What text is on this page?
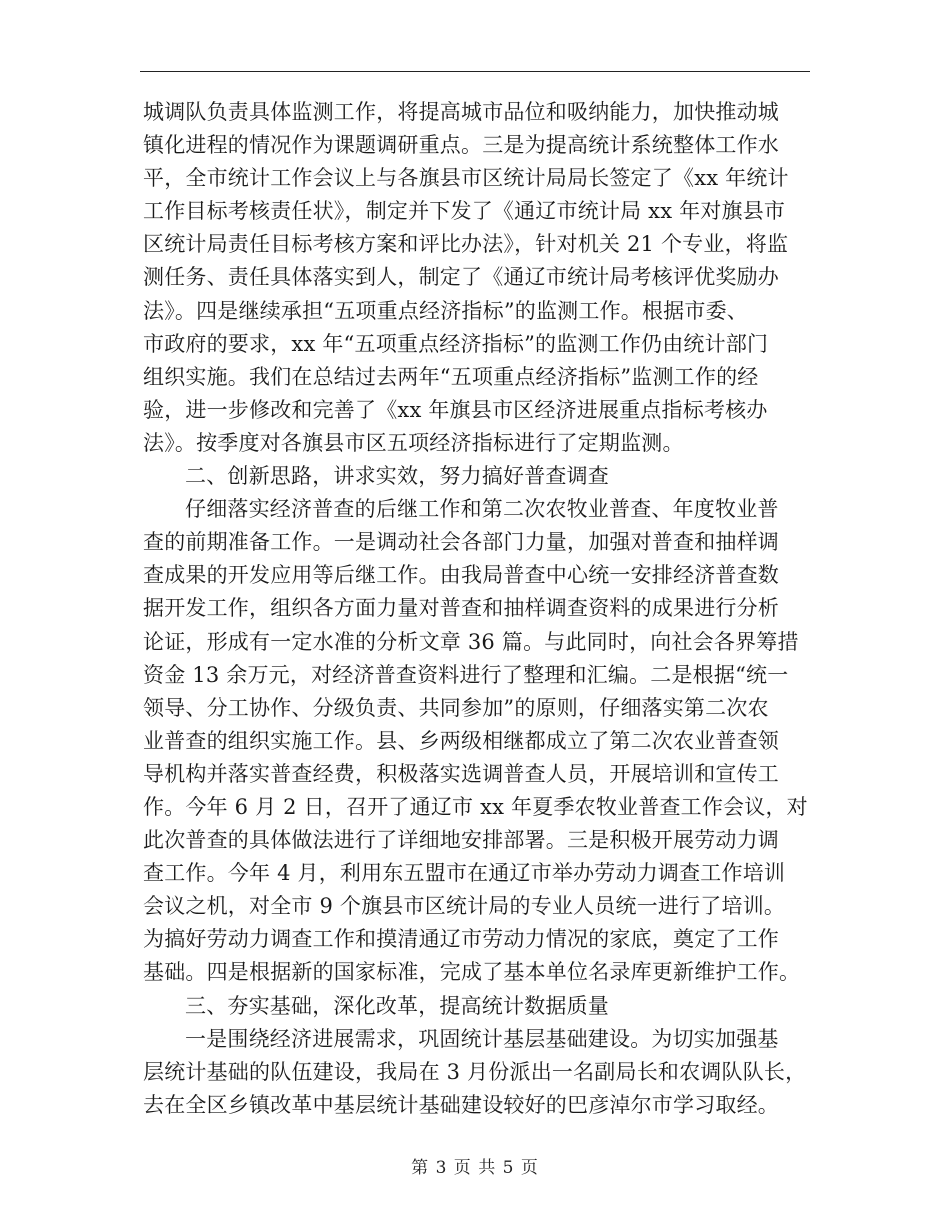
城调队负责具体监测工作，将提高城市品位和吸纳能力，加快推动城
镇化进程的情况作为课题调研重点。三是为提高统计系统整体工作水
平，全市统计工作会议上与各旗县市区统计局局长签定了《xx 年统计
工作目标考核责任状》，制定并下发了《通辽市统计局 xx 年对旗县市
区统计局责任目标考核方案和评比办法》，针对机关 21 个专业，将监
测任务、责任具体落实到人，制定了《通辽市统计局考核评优奖励办
法》。四是继续承担“五项重点经济指标”的监测工作。根据市委、
市政府的要求，xx 年“五项重点经济指标”的监测工作仍由统计部门
组织实施。我们在总结过去两年“五项重点经济指标”监测工作的经
验，进一步修改和完善了《xx 年旗县市区经济进展重点指标考核办
法》。按季度对各旗县市区五项经济指标进行了定期监测。
二、创新思路，讲求实效，努力搞好普查调查
仔细落实经济普查的后继工作和第二次农牧业普查、年度牧业普
查的前期准备工作。一是调动社会各部门力量，加强对普查和抽样调
查成果的开发应用等后继工作。由我局普查中心统一安排经济普查数
据开发工作，组织各方面力量对普查和抽样调查资料的成果进行分析
论证，形成有一定水准的分析文章 36 篇。与此同时，向社会各界筹措
资金 13 余万元，对经济普查资料进行了整理和汇编。二是根据“统一
领导、分工协作、分级负责、共同参加”的原则，仔细落实第二次农
业普查的组织实施工作。县、乡两级相继都成立了第二次农业普查领
导机构并落实普查经费，积极落实选调普查人员，开展培训和宣传工
作。今年 6 月 2 日，召开了通辽市 xx 年夏季农牧业普查工作会议，对
此次普查的具体做法进行了详细地安排部署。三是积极开展劳动力调
查工作。今年 4 月，利用东五盟市在通辽市举办劳动力调查工作培训
会议之机，对全市 9 个旗县市区统计局的专业人员统一进行了培训。
为搞好劳动力调查工作和摸清通辽市劳动力情况的家底，奠定了工作
基础。四是根据新的国家标准，完成了基本单位名录库更新维护工作。
三、夯实基础，深化改革，提高统计数据质量
一是围绕经济进展需求，巩固统计基层基础建设。为切实加强基
层统计基础的队伍建设，我局在 3 月份派出一名副局长和农调队队长，
去在全区乡镇改革中基层统计基础建设较好的巴彦淖尔市学习取经。
第 3 页 共 5 页
